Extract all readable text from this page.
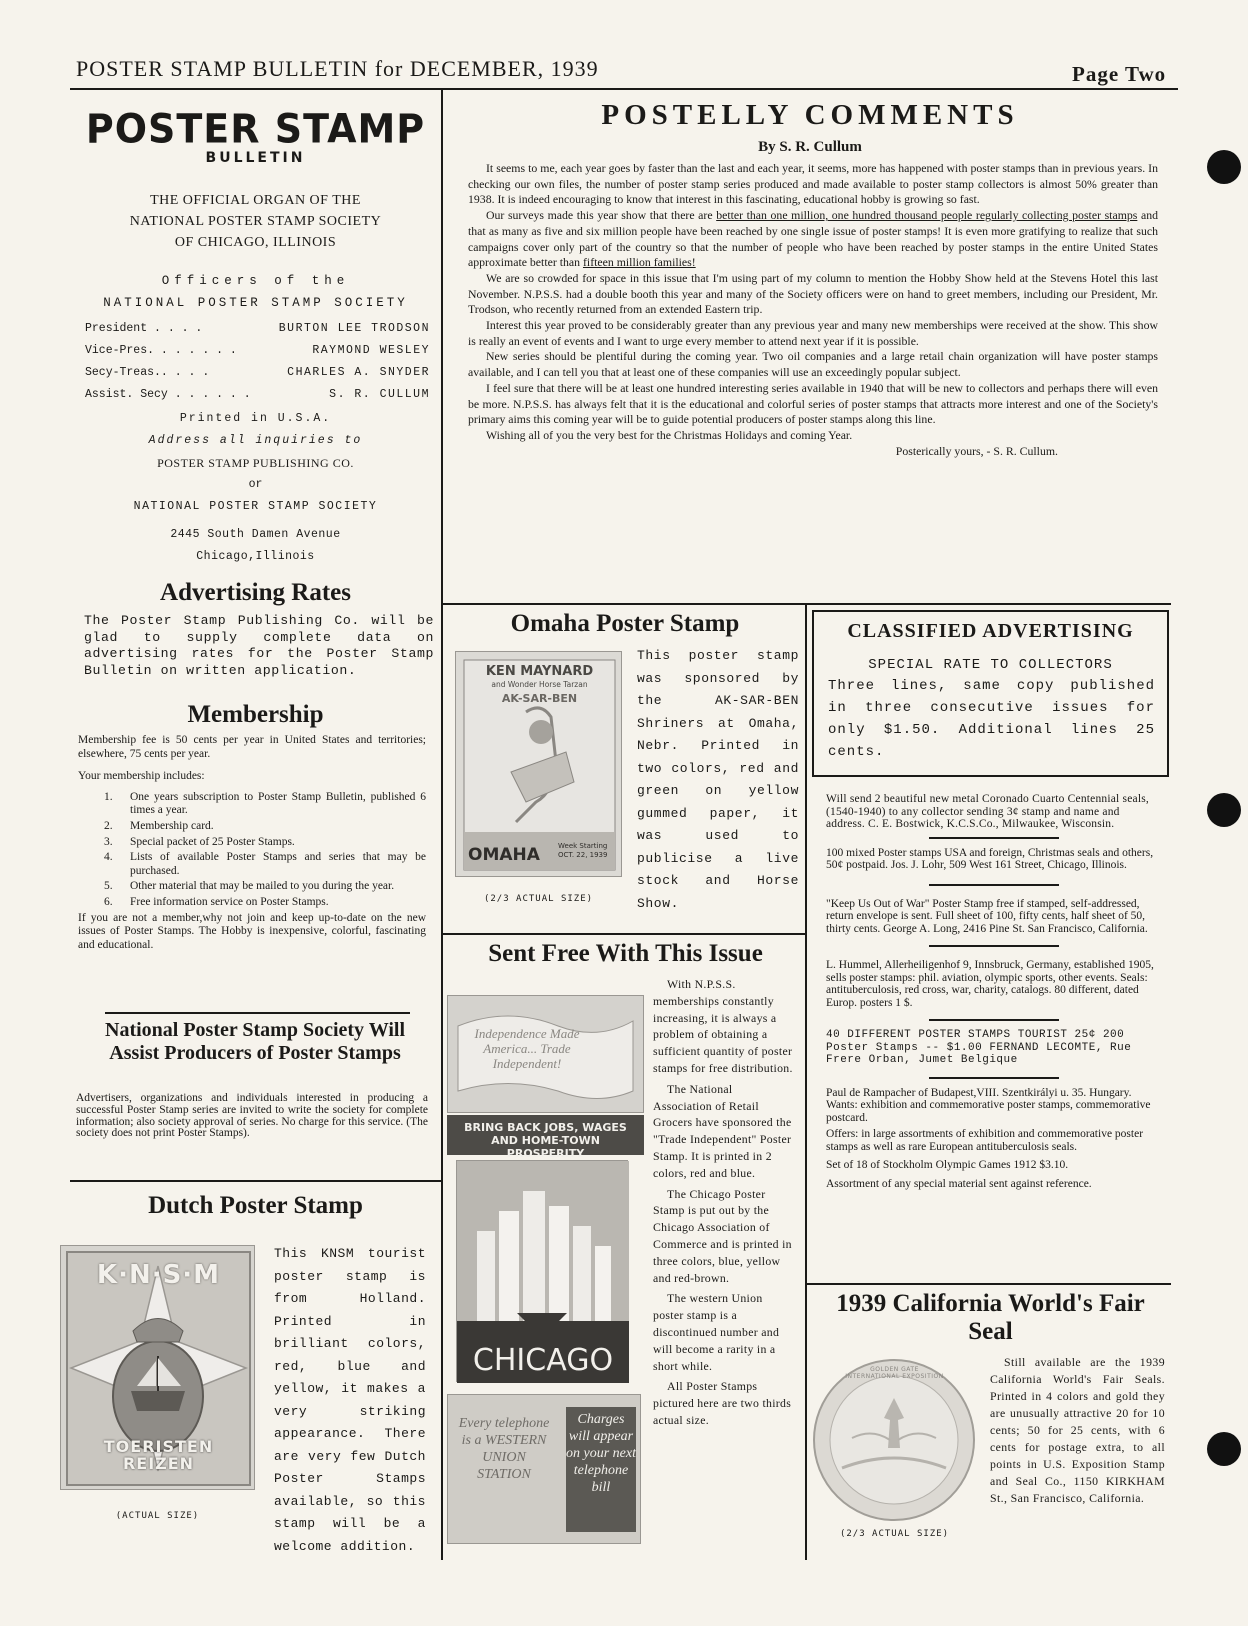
POSTER STAMP BULLETIN for DECEMBER, 1939	Page Two
POSTER STAMP
BULLETIN
THE OFFICIAL ORGAN OF THE
NATIONAL POSTER STAMP SOCIETY
OF CHICAGO, ILLINOIS
Officers of the
NATIONAL POSTER STAMP SOCIETY
President . . . .	BURTON LEE TRODSON
Vice-Pres. . . . . . .	RAYMOND WESLEY
Secy-Treas.. . . .	CHARLES A. SNYDER
Assist. Secy . . . . . .	S. R. CULLUM
Printed in U.S.A.
Address all inquiries to
POSTER STAMP PUBLISHING CO.
or
NATIONAL POSTER STAMP SOCIETY
2445 South Damen Avenue
Chicago,Illinois
Advertising Rates
The Poster Stamp Publishing Co. will be glad to supply complete data on advertising rates for the Poster Stamp Bulletin on written application.
Membership

Membership fee is 50 cents per year in United States and territories; elsewhere, 75 cents per year.

Your membership includes:

1. One years subscription to Poster Stamp Bulletin, published 6 times a year.
2. Membership card.
3. Special packet of 25 Poster Stamps.
4. Lists of available Poster Stamps and series that may be purchased.
5. Other material that may be mailed to you during the year.
6. Free information service on Poster Stamps.

If you are not a member,why not join and keep up-to-date on the new issues of Poster Stamps. The Hobby is inexpensive, colorful, fascinating and educational.

National Poster Stamp Society Will Assist Producers of Poster Stamps
Advertisers, organizations and individuals interested in producing a successful Poster Stamp series are invited to write the society for complete information; also society approval of series. No charge for this service. (The society does not print Poster Stamps).
Dutch Poster Stamp
K·N·S·M
TOERISTEN REIZEN
(ACTUAL SIZE)
This KNSM tourist poster stamp is from Holland. Printed in brilliant colors, red, blue and yellow, it makes a very striking appearance. There are very few Dutch Poster Stamps available, so this stamp will be a welcome addition.
POSTELLY COMMENTS
By S. R. Cullum

It seems to me, each year goes by faster than the last and each year, it seems, more has happened with poster stamps than in previous years. In checking our own files, the number of poster stamp series produced and made available to poster stamp collectors is almost 50% greater than 1938. It is indeed encouraging to know that interest in this fascinating, educational hobby is growing so fast.

Our surveys made this year show that there are better than one million, one hundred thousand people regularly collecting poster stamps and that as many as five and six million people have been reached by one single issue of poster stamps! It is even more gratifying to realize that such campaigns cover only part of the country so that the number of people who have been reached by poster stamps in the entire United States approximate better than fifteen million families!

We are so crowded for space in this issue that I'm using part of my column to mention the Hobby Show held at the Stevens Hotel this last November. N.P.S.S. had a double booth this year and many of the Society officers were on hand to greet members, including our President, Mr. Trodson, who recently returned from an extended Eastern trip.

Interest this year proved to be considerably greater than any previous year and many new memberships were received at the show. This show is really an event of events and I want to urge every member to attend next year if it is possible.

New series should be plentiful during the coming year. Two oil companies and a large retail chain organization will have poster stamps available, and I can tell you that at least one of these companies will use an exceedingly popular subject.

I feel sure that there will be at least one hundred interesting series available in 1940 that will be new to collectors and perhaps there will even be more. N.P.S.S. has always felt that it is the educational and colorful series of poster stamps that attracts more interest and one of the Society's primary aims this coming year will be to guide potential producers of poster stamps along this line.

Wishing all of you the very best for the Christmas Holidays and coming Year.

Posterically yours, - S. R. Cullum.

Omaha Poster Stamp
KEN MAYNARD
and Wonder Horse Tarzan
AK-SAR-BEN
OMAHA	Week Starting OCT. 22, 1939
(2/3 ACTUAL SIZE)
This poster stamp was sponsored by the AK-SAR-BEN Shriners at Omaha, Nebr. Printed in two colors, red and green on yellow gummed paper, it was used to publicise a live stock and Horse Show.
Sent Free With This Issue
Independence Made America... Trade Independent!
BRING BACK JOBS, WAGES AND HOME-TOWN PROSPERITY
CHICAGO
Every telephone is a WESTERN UNION STATION
Charges will appear on your next telephone bill

With N.P.S.S. memberships constantly increasing, it is always a problem of obtaining a sufficient quantity of poster stamps for free distribution.

The National Association of Retail Grocers have sponsored the "Trade Independent" Poster Stamp. It is printed in 2 colors, red and blue.

The Chicago Poster Stamp is put out by the Chicago Association of Commerce and is printed in three colors, blue, yellow and red-brown.

The western Union poster stamp is a discontinued number and will become a rarity in a short while.

All Poster Stamps pictured here are two thirds actual size.

CLASSIFIED ADVERTISING
SPECIAL RATE TO COLLECTORS
Three lines, same copy published in three consecutive issues for only $1.50. Additional lines 25 cents.

Will send 2 beautiful new metal Coronado Cuarto Centennial seals, (1540-1940) to any collector sending 3¢ stamp and name and address. C. E. Bostwick, K.C.S.Co., Milwaukee, Wisconsin.

100 mixed Poster stamps USA and foreign, Christmas seals and others, 50¢ postpaid. Jos. J. Lohr, 509 West 161 Street, Chicago, Illinois.

"Keep Us Out of War" Poster Stamp free if stamped, self-addressed, return envelope is sent. Full sheet of 100, fifty cents, half sheet of 50, thirty cents. George A. Long, 2416 Pine St. San Francisco, California.

L. Hummel, Allerheiligenhof 9, Innsbruck, Germany, established 1905, sells poster stamps: phil. aviation, olympic sports, other events. Seals: antituberculosis, red cross, war, charity, catalogs. 80 different, dated Europ. posters 1 $.

40 DIFFERENT POSTER STAMPS TOURIST 25¢ 200 Poster Stamps -- $1.00 FERNAND LECOMTE, Rue Frere Orban, Jumet Belgique

Paul de Rampacher of Budapest,VIII. Szentkirályi u. 35. Hungary. Wants: exhibition and commemorative poster stamps, commemorative postcard.

Offers: in large assortments of exhibition and commemorative poster stamps as well as rare European antituberculosis seals.

Set of 18 of Stockholm Olympic Games 1912 $3.10.

Assortment of any special material sent against reference.

1939 California World's Fair Seal
GOLDEN GATE INTERNATIONAL EXPOSITION
(2/3 ACTUAL SIZE)
Still available are the 1939 California World's Fair Seals. Printed in 4 colors and gold they are unusually attractive 20 for 10 cents; 50 for 25 cents, with 6 cents for postage extra, to all points in U.S. Exposition Stamp and Seal Co., 1150 KIRKHAM St., San Francisco, California.
